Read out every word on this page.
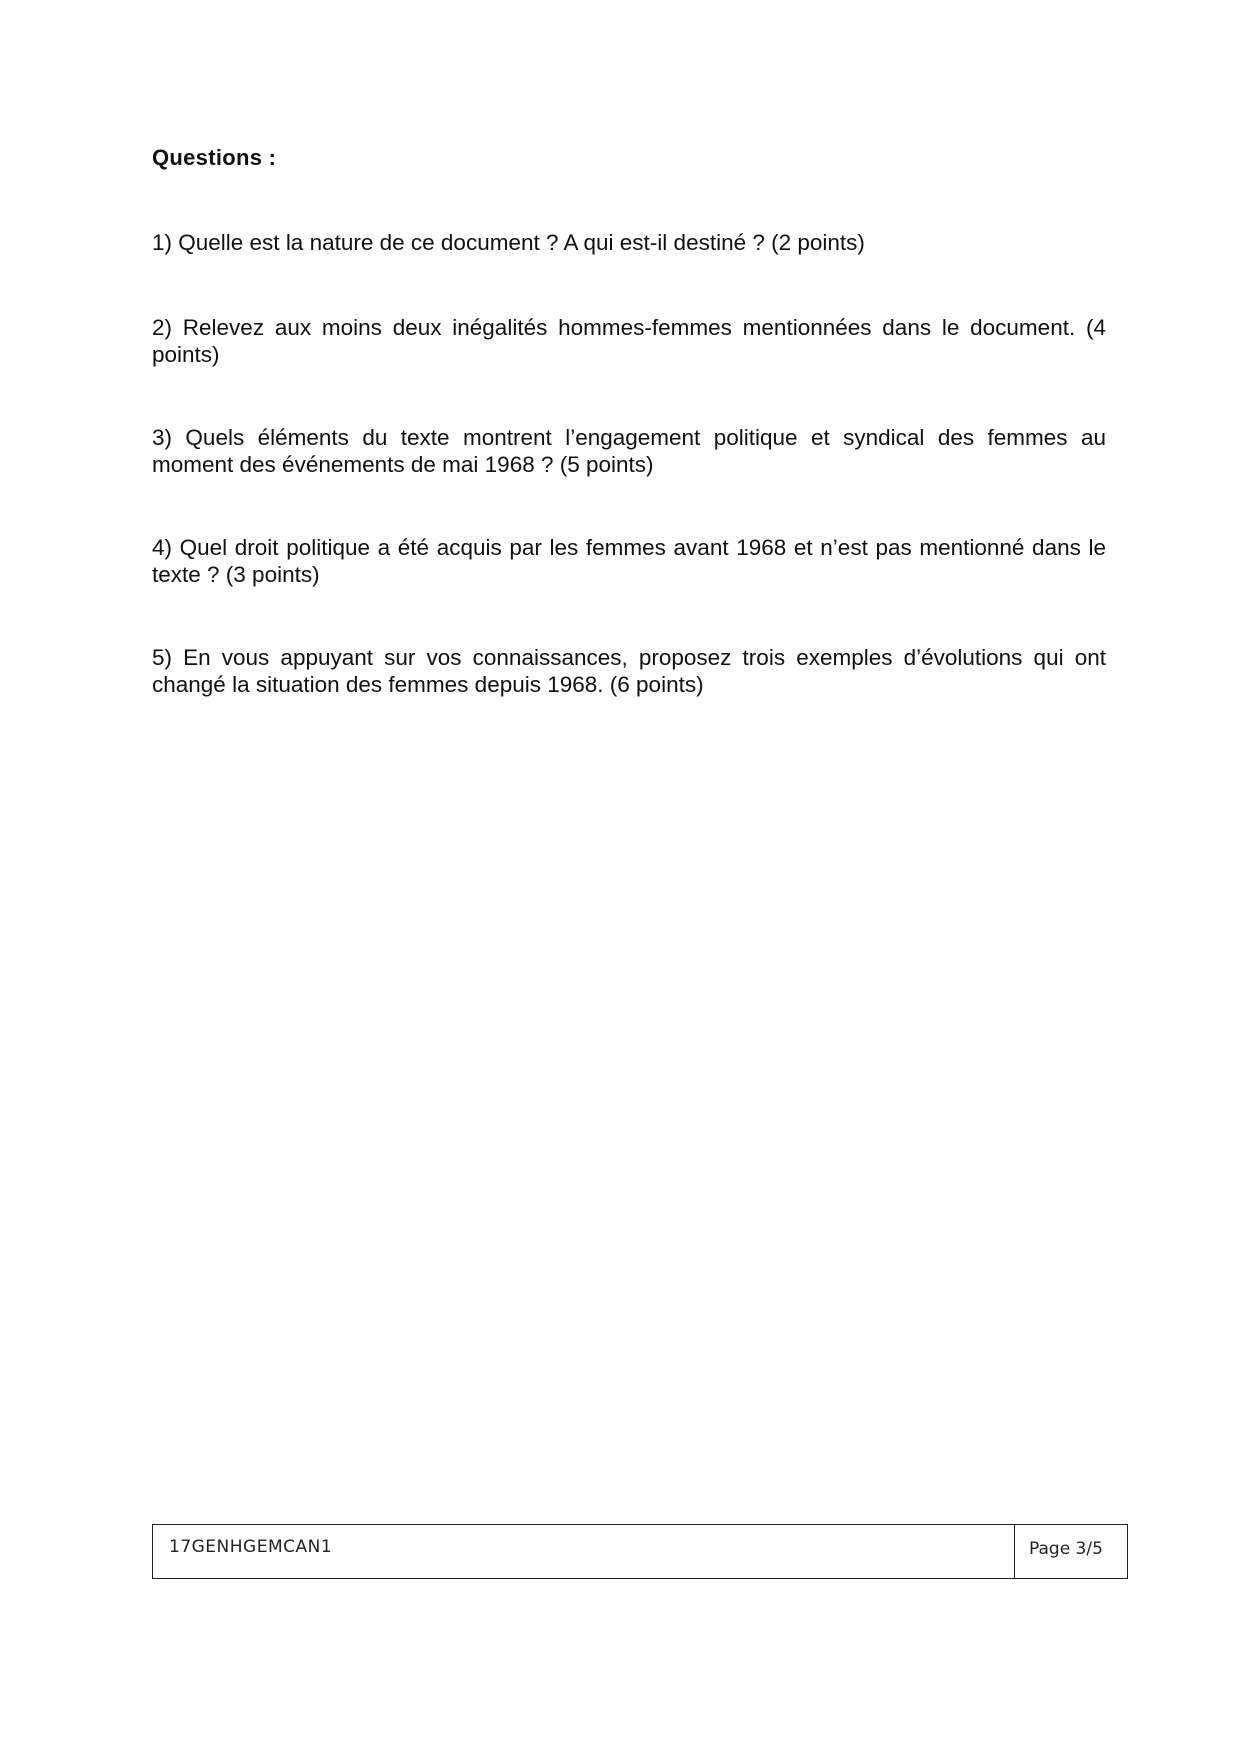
Questions :
1) Quelle est la nature de ce document ? A qui est-il destiné ? (2 points)
2) Relevez aux moins deux inégalités hommes-femmes mentionnées dans le document. (4 points)
3) Quels éléments du texte montrent l’engagement politique et syndical des femmes au moment des événements de mai 1968 ? (5 points)
4) Quel droit politique a été acquis par les femmes avant 1968 et n’est pas mentionné dans le texte ? (3 points)
5) En vous appuyant sur vos connaissances, proposez trois exemples d’évolutions qui ont changé la situation des femmes depuis 1968. (6 points)
17GENHGEMCAN1	Page 3/5
